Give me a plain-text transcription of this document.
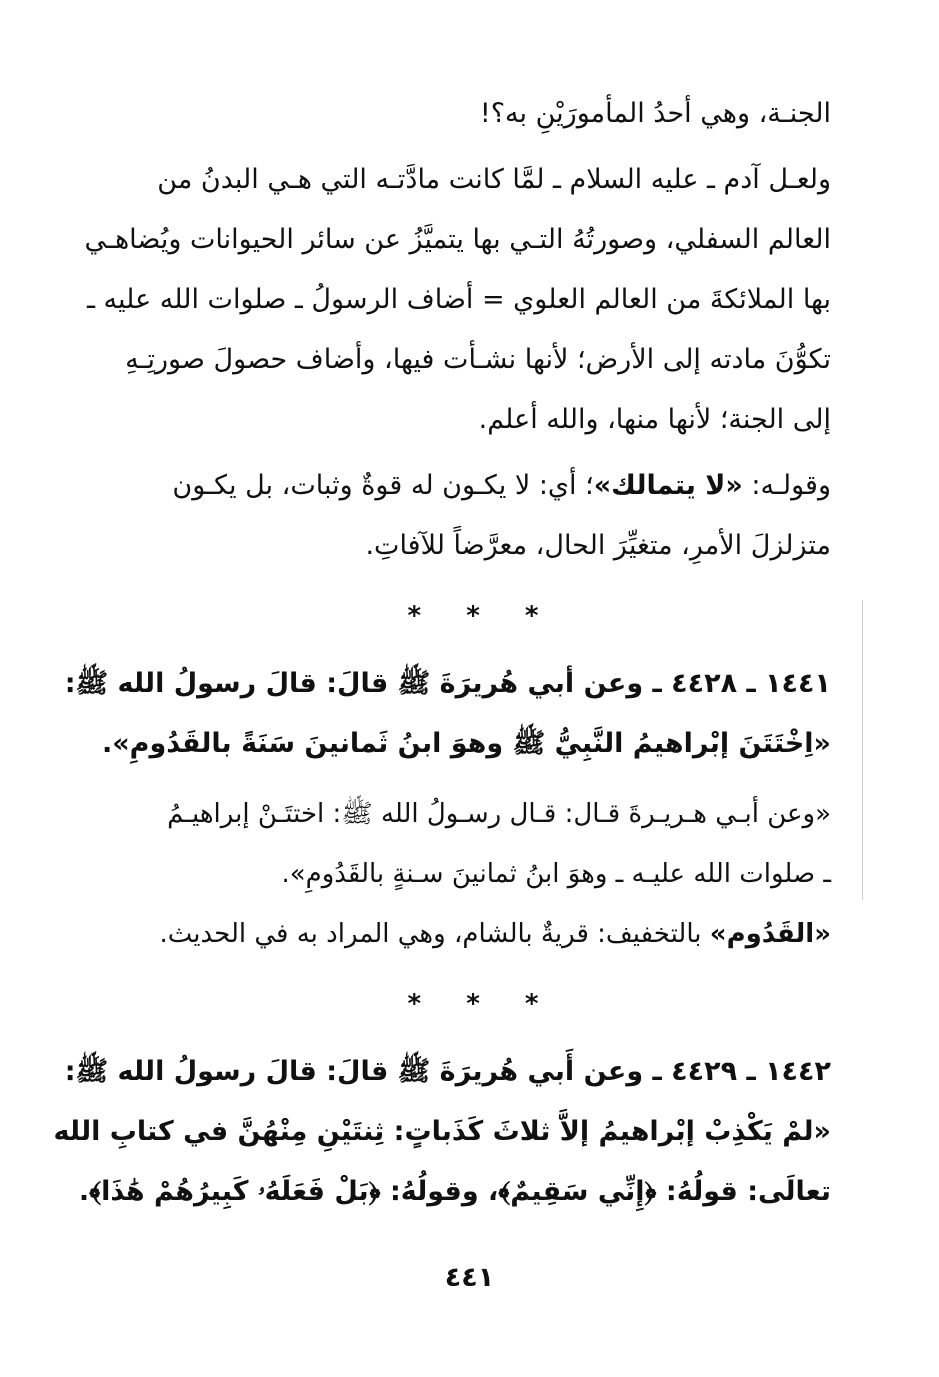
الجنـة، وهي أحدُ المأمورَيْنِ به؟!

ولعـل آدم ـ عليه السلام ـ لمَّا كانت مادَّتـه التي هـي البدنُ من
العالم السفلي، وصورتُهُ التـي بها يتميَّزُ عن سائر الحيوانات ويُضاهـي
بها الملائكةَ من العالم العلوي = أضاف الرسولُ ـ صلوات الله عليه ـ
تكوُّنَ مادته إلى الأرض؛ لأنها نشـأت فيها، وأضاف حصولَ صورتِـهِ
إلى الجنة؛ لأنها منها، والله أعلم.

وقولـه: «لا يتمالك»؛ أي: لا يكـون له قوةٌ وثبات، بل يكـون
متزلزلَ الأمرِ، متغيِّرَ الحال، معرَّضاً للآفاتِ.

* * *

١٤٤١ ـ ٤٤٢٨ ـ وعن أبي هُريرَةَ ﷺ قالَ: قالَ رسولُ الله ﷺ:
«اِخْتَتَنَ إبْراهيمُ النَّبِيُّ ﷺ وهوَ ابنُ ثَمانينَ سَنَةً بالقَدُومِ».

«وعن أبـي هـريـرةَ قـال: قـال رسـولُ الله ﷺ: اختتَـنْ إبراهيـمُ
ـ صلوات الله عليـه ـ وهوَ ابنُ ثمانينَ سـنةٍ بالقَدُومِ».

«القَدُوم» بالتخفيف: قريةٌ بالشام، وهي المراد به في الحديث.

* * *

١٤٤٢ ـ ٤٤٢٩ ـ وعن أَبي هُريرَةَ ﷺ قالَ: قالَ رسولُ الله ﷺ:
«لمْ يَكْذِبْ إبْراهيمُ إلاَّ ثلاثَ كَذَباتٍ: ثِنتَيْنِ مِنْهُنَّ في كتابِ الله
تعالَى: قولُهُ: ﴿إِنِّي سَقِيمٌ﴾، وقولُهُ: ﴿بَلْ فَعَلَهُۥ كَبِيرُهُمْ هَٰذَا﴾.

٤٤١
